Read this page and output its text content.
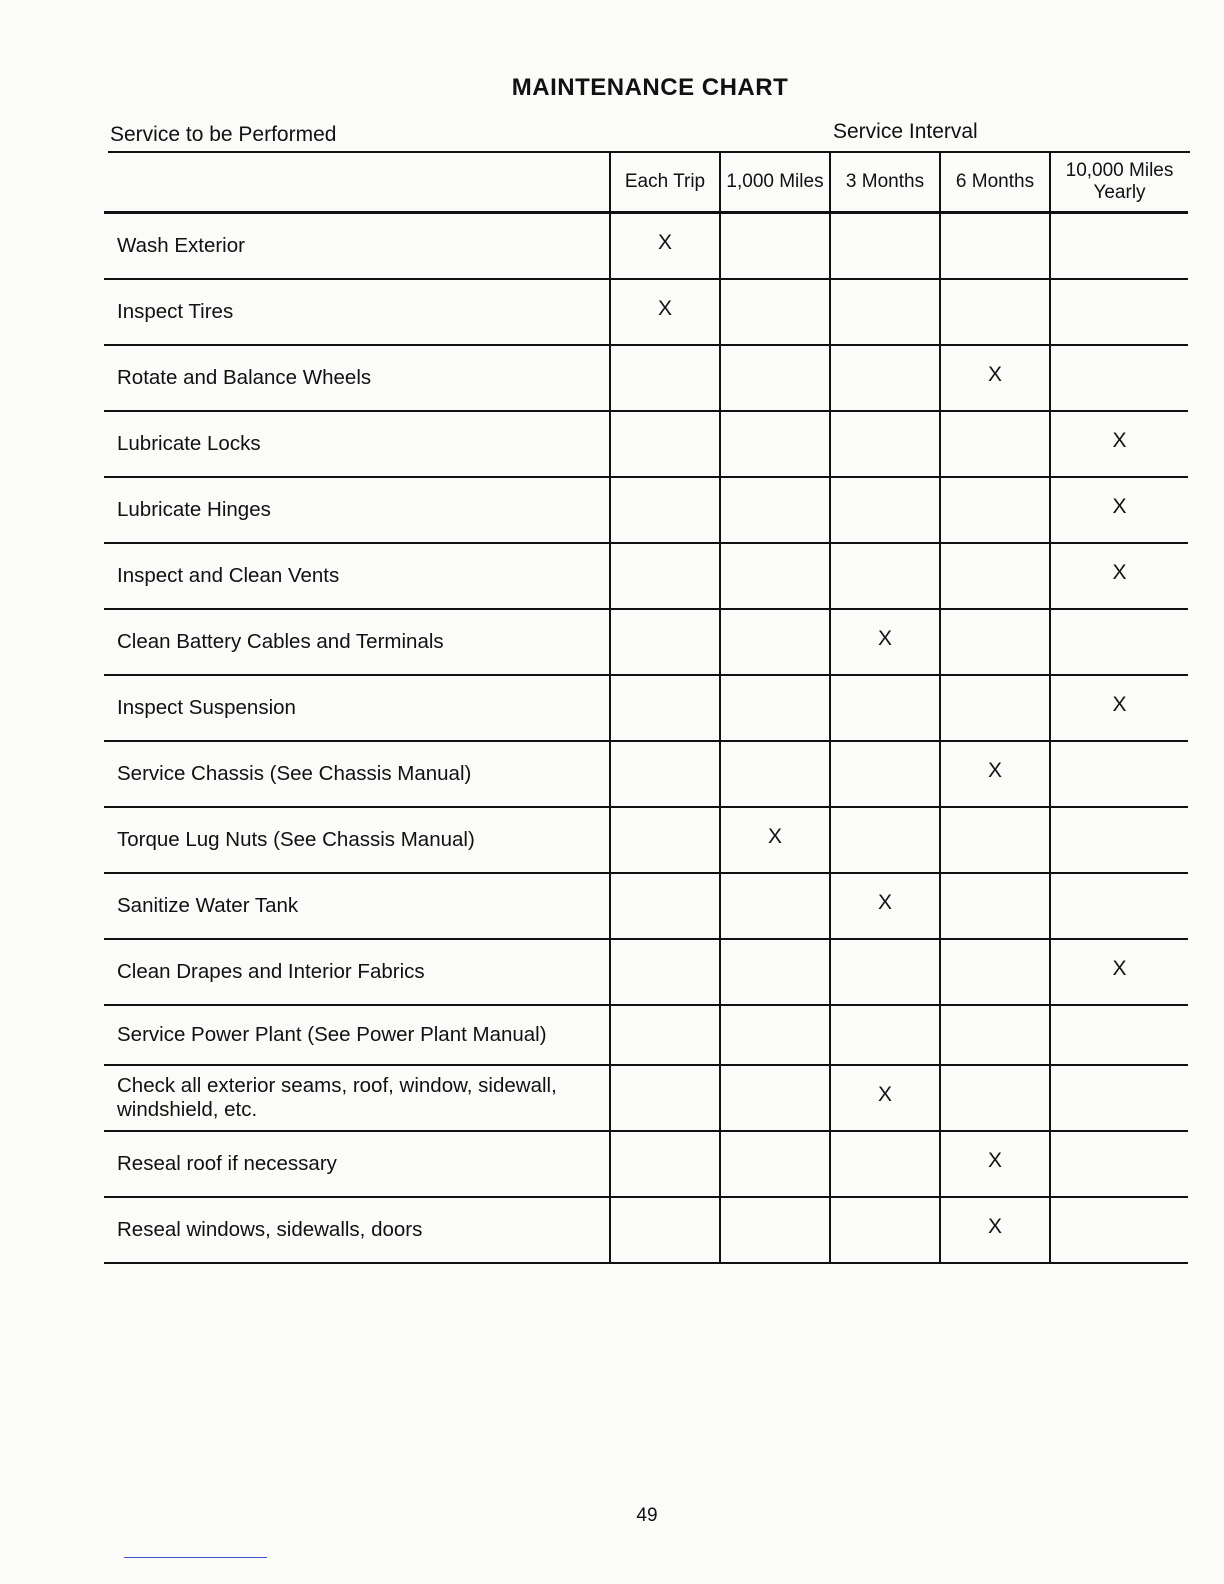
MAINTENANCE CHART
Service to be Performed	Service Interval
	Each Trip	1,000 Miles	3 Months	6 Months	10,000 Miles
Yearly
Wash Exterior	X				
Inspect Tires	X				
Rotate and Balance Wheels				X	
Lubricate Locks					X
Lubricate Hinges					X
Inspect and Clean Vents					X
Clean Battery Cables and Terminals			X		
Inspect Suspension					X
Service Chassis (See Chassis Manual)				X	
Torque Lug Nuts (See Chassis Manual)		X			
Sanitize Water Tank			X		
Clean Drapes and Interior Fabrics					X
Service Power Plant (See Power Plant Manual)					
Check all exterior seams, roof, window, sidewall, windshield, etc.			X		
Reseal roof if necessary				X	
Reseal windows, sidewalls, doors				X	
49
